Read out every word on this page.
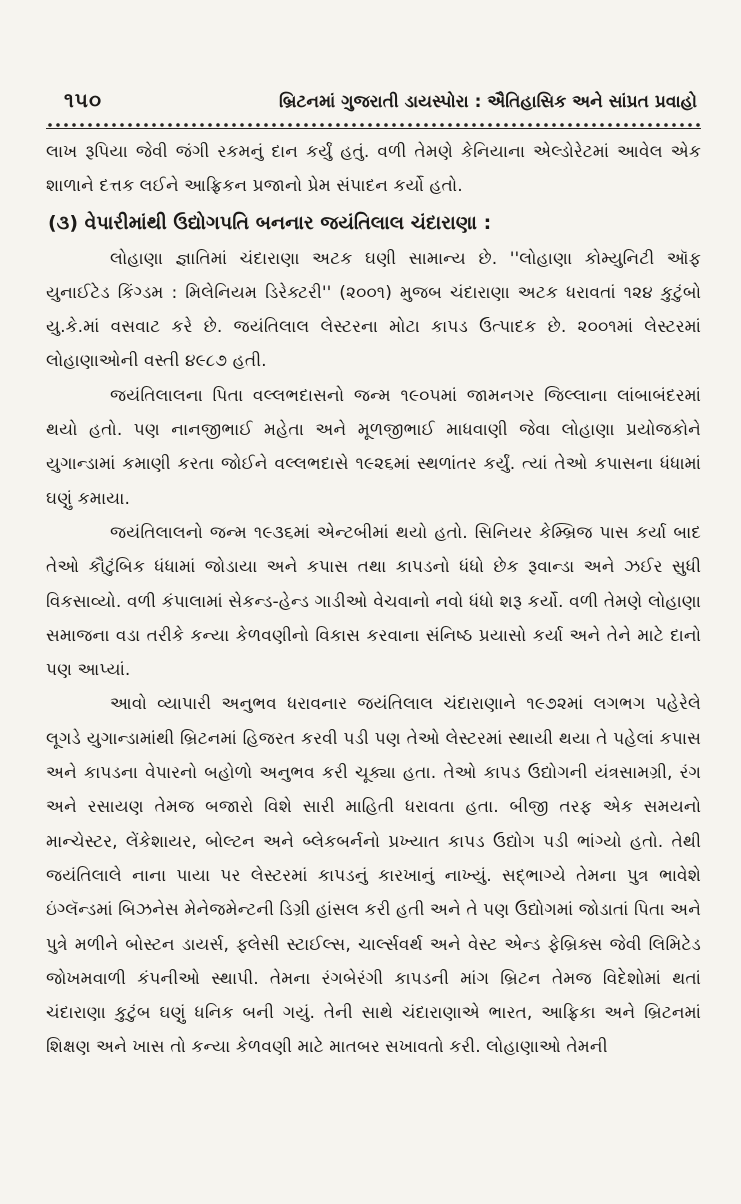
૧૫૦	બ્રિટનમાં ગુજરાતી ડાયસ્પોરા : ઐતિહાસિક અને સાંપ્રત પ્રવાહો

લાખ રૂપિયા જેવી જંગી રકમનું દાન કર્યું હતું. વળી તેમણે કેનિયાના એલ્ડોરેટમાં આવેલ એક શાળાને દત્તક લઈને આફ્રિકન પ્રજાનો પ્રેમ સંપાદન કર્યો હતો.

(૩) વેપારીમાંથી ઉદ્યોગપતિ બનનાર જયંતિલાલ ચંદારાણા :

લોહાણા જ્ઞાતિમાં ચંદારાણા અટક ઘણી સામાન્ય છે. ''લોહાણા કોમ્યુનિટી ઑફ યુનાઈટેડ કિંગ્ડમ : મિલેનિયમ ડિરેક્ટરી'' (૨૦૦૧) મુજબ ચંદારાણા અટક ધરાવતાં ૧૨૪ કુટુંબો યુ.કે.માં વસવાટ કરે છે. જયંતિલાલ લેસ્ટરના મોટા કાપડ ઉત્પાદક છે. ૨૦૦૧માં લેસ્ટરમાં લોહાણાઓની વસ્તી ૪૯૮૭ હતી.

જયંતિલાલના પિતા વલ્લભદાસનો જન્મ ૧૯૦૫માં જામનગર જિલ્લાના લાંબાબંદરમાં થયો હતો. પણ નાનજીભાઈ મહેતા અને મૂળજીભાઈ માધવાણી જેવા લોહાણા પ્રયોજકોને યુગાન્ડામાં કમાણી કરતા જોઈને વલ્લભદાસે ૧૯૨૬માં સ્થળાંતર કર્યું. ત્યાં તેઓ કપાસના ધંધામાં ઘણું કમાયા.

જયંતિલાલનો જન્મ ૧૯૩૬માં એન્ટબીમાં થયો હતો. સિનિયર કેમ્બ્રિજ પાસ કર્યા બાદ તેઓ કૌટુંબિક ધંધામાં જોડાયા અને કપાસ તથા કાપડનો ધંધો છેક રૂવાન્ડા અને ઝઈર સુધી વિકસાવ્યો. વળી કંપાલામાં સેકન્ડ-હેન્ડ ગાડીઓ વેચવાનો નવો ધંધો શરૂ કર્યો. વળી તેમણે લોહાણા સમાજના વડા તરીકે કન્યા કેળવણીનો વિકાસ કરવાના સંનિષ્ઠ પ્રયાસો કર્યા અને તેને માટે દાનો પણ આપ્યાં.

આવો વ્યાપારી અનુભવ ધરાવનાર જયંતિલાલ ચંદારાણાને ૧૯૭૨માં લગભગ પહેરેલે લૂગડે યુગાન્ડામાંથી બ્રિટનમાં હિજરત કરવી પડી પણ તેઓ લેસ્ટરમાં સ્થાયી થયા તે પહેલાં કપાસ અને કાપડના વેપારનો બહોળો અનુભવ કરી ચૂક્યા હતા. તેઓ કાપડ ઉદ્યોગની યંત્રસામગ્રી, રંગ અને રસાયણ તેમજ બજારો વિશે સારી માહિતી ધરાવતા હતા. બીજી તરફ એક સમયનો માન્ચેસ્ટર, લેંકેશાયર, બોલ્ટન અને બ્લેકબર્નનો પ્રખ્યાત કાપડ ઉદ્યોગ પડી ભાંગ્યો હતો. તેથી જયંતિલાલે નાના પાયા પર લેસ્ટરમાં કાપડનું કારખાનું નાખ્યું. સદ્ભાગ્યે તેમના પુત્ર ભાવેશે ઇંગ્લૅન્ડમાં બિઝનેસ મેનેજમેન્ટની ડિગ્રી હાંસલ કરી હતી અને તે પણ ઉદ્યોગમાં જોડાતાં પિતા અને પુત્રે મળીને બોસ્ટન ડાયર્સ, ફ્લેસી સ્ટાઈલ્સ, ચાર્લ્સવર્થ અને વેસ્ટ એન્ડ ફેબ્રિક્સ જેવી લિમિટેડ જોખમવાળી કંપનીઓ સ્થાપી. તેમના રંગબેરંગી કાપડની માંગ બ્રિટન તેમજ વિદેશોમાં થતાં ચંદારાણા કુટુંબ ઘણું ધનિક બની ગયું. તેની સાથે ચંદારાણાએ ભારત, આફ્રિકા અને બ્રિટનમાં શિક્ષણ અને ખાસ તો કન્યા કેળવણી માટે માતબર સખાવતો કરી. લોહાણાઓ તેમની
